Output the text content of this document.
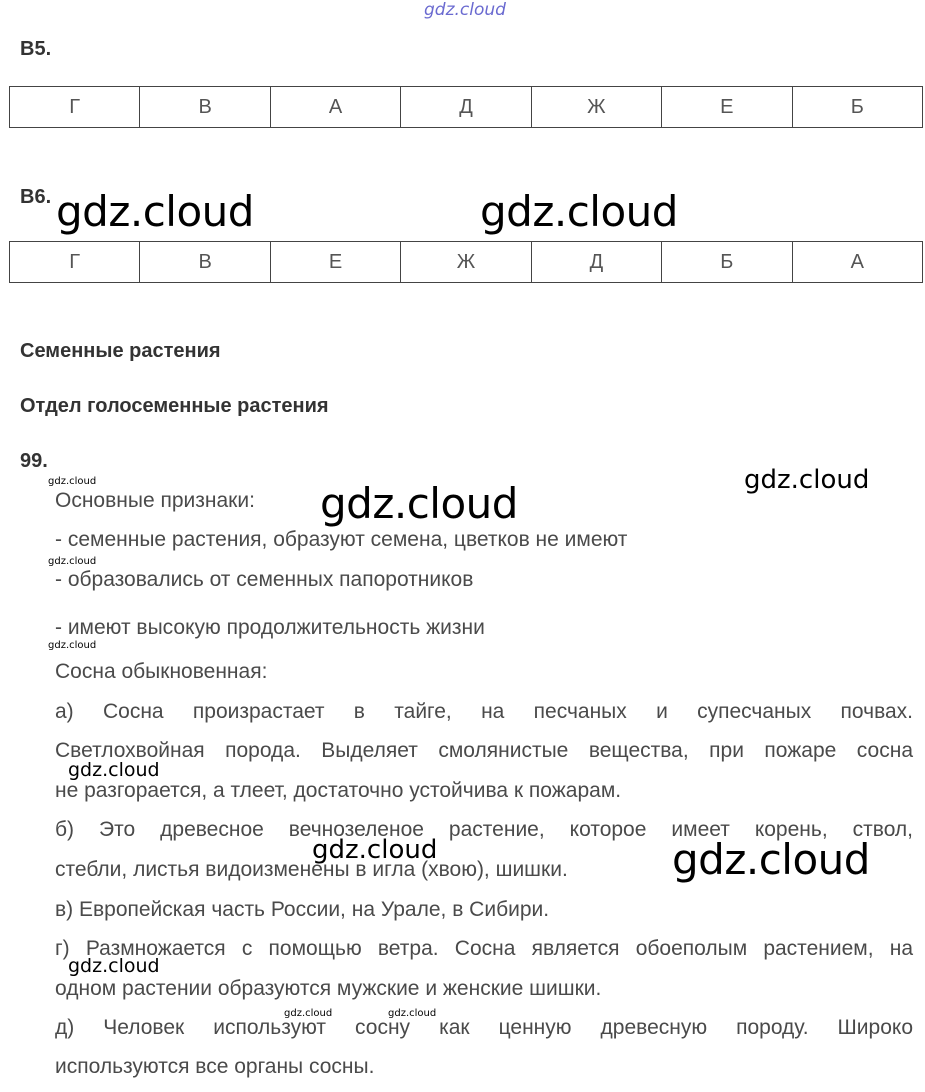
gdz.cloud
В5.
Г	В	А	Д	Ж	Е	Б
В6.
Г	В	Е	Ж	Д	Б	А
Семенные растения
Отдел голосеменные растения
99.
Основные признаки:
- семенные растения, образуют семена, цветков не имеют
- образовались от семенных папоротников
- имеют высокую продолжительность жизни
Сосна обыкновенная:
а) Сосна произрастает в тайге, на песчаных и супесчаных почвах.
Светлохвойная порода. Выделяет смолянистые вещества, при пожаре сосна
не разгорается, а тлеет, достаточно устойчива к пожарам.
б) Это древесное вечнозеленое растение, которое имеет корень, ствол,
стебли, листья видоизменены в игла (хвою), шишки.
в) Европейская часть России, на Урале, в Сибири.
г) Размножается с помощью ветра. Сосна является обоеполым растением, на
одном растении образуются мужские и женские шишки.
д) Человек используют сосну как ценную древесную породу. Широко
используются все органы сосны.
gdz.cloud	gdz.cloud
gdz.cloud	gdz.cloud	gdz.cloud
gdz.cloud
gdz.cloud
gdz.cloud
gdz.cloud	gdz.cloud
gdz.cloud
gdz.cloud	gdz.cloud
